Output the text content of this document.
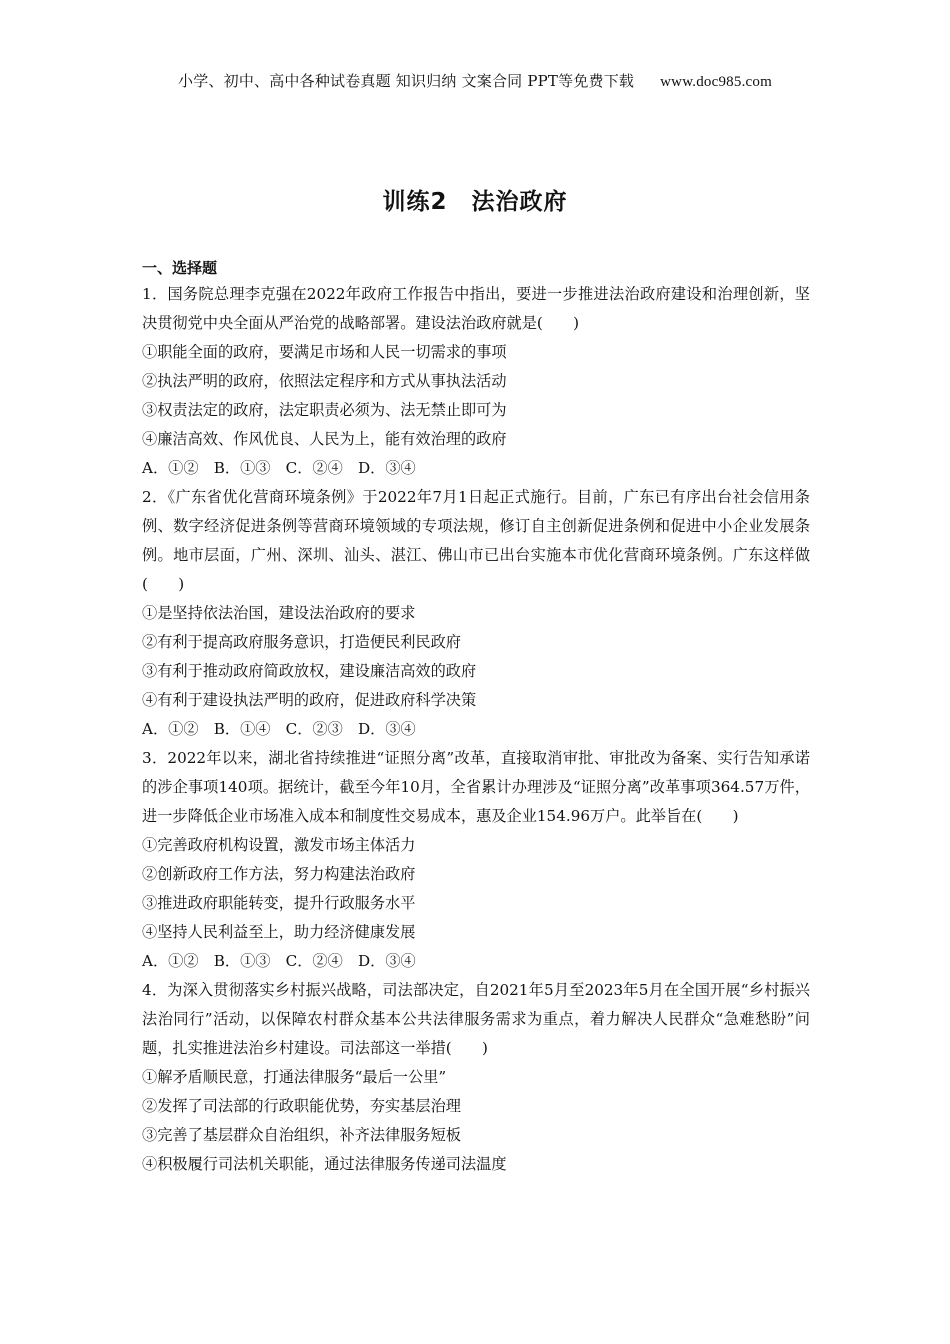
小学、初中、高中各种试卷真题 知识归纳 文案合同 PPT等免费下载 www.doc985.com
训练2　法治政府
一、选择题
1．国务院总理李克强在2022年政府工作报告中指出，要进一步推进法治政府建设和治理创新，坚决贯彻党中央全面从严治党的战略部署。建设法治政府就是(　　)
①职能全面的政府，要满足市场和人民一切需求的事项
②执法严明的政府，依照法定程序和方式从事执法活动
③权责法定的政府，法定职责必须为、法无禁止即可为
④廉洁高效、作风优良、人民为上，能有效治理的政府
A．①②　B．①③　C．②④　D．③④
2．《广东省优化营商环境条例》于2022年7月1日起正式施行。目前，广东已有序出台社会信用条例、数字经济促进条例等营商环境领域的专项法规，修订自主创新促进条例和促进中小企业发展条例。地市层面，广州、深圳、汕头、湛江、佛山市已出台实施本市优化营商环境条例。广东这样做(　　)
①是坚持依法治国，建设法治政府的要求
②有利于提高政府服务意识，打造便民利民政府
③有利于推动政府简政放权，建设廉洁高效的政府
④有利于建设执法严明的政府，促进政府科学决策
A．①②　B．①④　C．②③　D．③④
3．2022年以来，湖北省持续推进“证照分离”改革，直接取消审批、审批改为备案、实行告知承诺的涉企事项140项。据统计，截至今年10月，全省累计办理涉及“证照分离”改革事项364.57万件，进一步降低企业市场准入成本和制度性交易成本，惠及企业154.96万户。此举旨在(　　)
①完善政府机构设置，激发市场主体活力
②创新政府工作方法，努力构建法治政府
③推进政府职能转变，提升行政服务水平
④坚持人民利益至上，助力经济健康发展
A．①②　B．①③　C．②④　D．③④
4．为深入贯彻落实乡村振兴战略，司法部决定，自2021年5月至2023年5月在全国开展“乡村振兴法治同行”活动，以保障农村群众基本公共法律服务需求为重点，着力解决人民群众“急难愁盼”问题，扎实推进法治乡村建设。司法部这一举措(　　)
①解矛盾顺民意，打通法律服务“最后一公里”
②发挥了司法部的行政职能优势，夯实基层治理
③完善了基层群众自治组织，补齐法律服务短板
④积极履行司法机关职能，通过法律服务传递司法温度
